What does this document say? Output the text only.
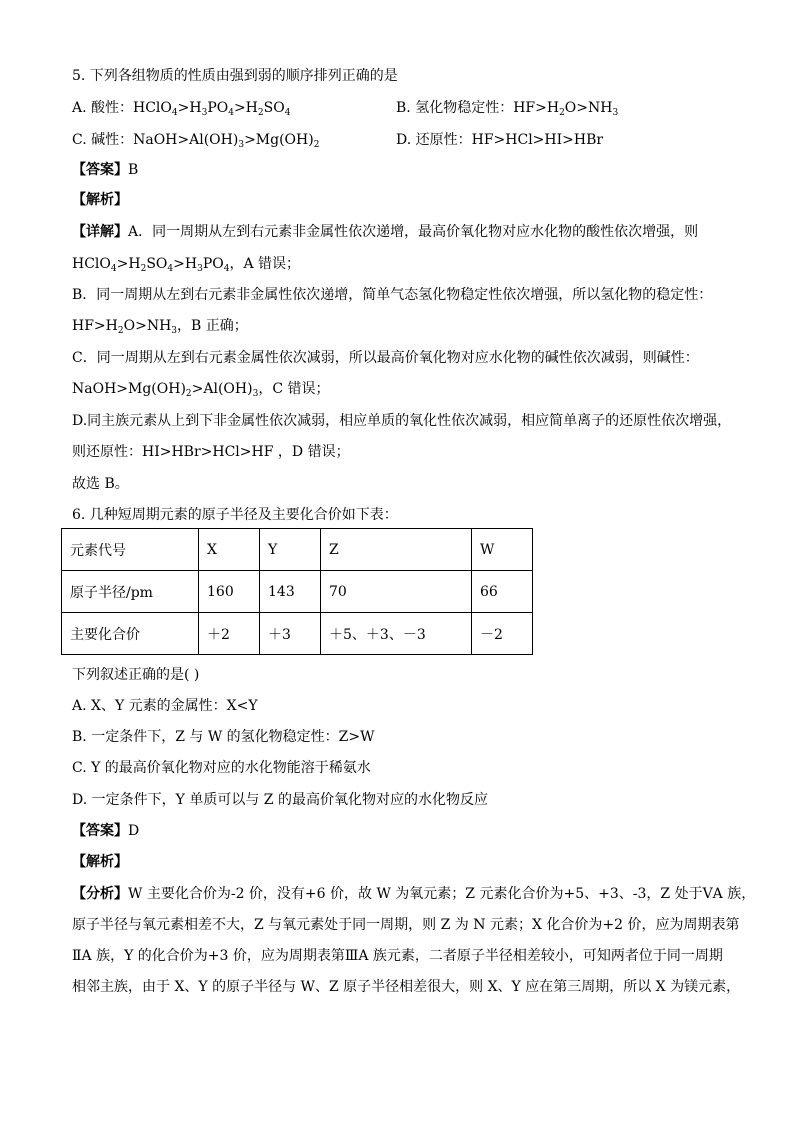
5. 下列各组物质的性质由强到弱的顺序排列正确的是
A. 酸性：$HClO_4>H_3PO_4>H_2SO_4$	B. 氢化物稳定性：$HF>H_2O>NH_3$
C. 碱性：$NaOH>Al(OH)_3>Mg(OH)_2$	D. 还原性：HF>HCl>HI>HBr
【答案】B
【解析】
【详解】A．同一周期从左到右元素非金属性依次递增，最高价氧化物对应水化物的酸性依次增强，则
$HClO_4>H_2SO_4>H_3PO_4$，A 错误；
B．同一周期从左到右元素非金属性依次递增，简单气态氢化物稳定性依次增强，所以氢化物的稳定性：
$HF>H_2O>NH_3$，B 正确；
C．同一周期从左到右元素金属性依次减弱，所以最高价氧化物对应水化物的碱性依次减弱，则碱性：
$NaOH>Mg(OH)_2>Al(OH)_3$，C 错误；
D.同主族元素从上到下非金属性依次减弱，相应单质的氧化性依次减弱，相应简单离子的还原性依次增强，
则还原性：HI>HBr>HCl>HF ，D 错误；
故选 B。
6. 几种短周期元素的原子半径及主要化合价如下表：
元素代号	X	Y	Z	W
原子半径/pm	160	143	70	66
主要化合价	＋2	＋3	＋5、＋3、－3	－2
下列叙述正确的是( )
A. X、Y 元素的金属性：X<Y
B. 一定条件下，Z 与 W 的氢化物稳定性：Z>W
C. Y 的最高价氧化物对应的水化物能溶于稀氨水
D. 一定条件下，Y 单质可以与 Z 的最高价氧化物对应的水化物反应
【答案】D
【解析】
【分析】W 主要化合价为-2 价，没有+6 价，故 W 为氧元素；Z 元素化合价为+5、+3、-3，Z 处于ⅤA 族，
原子半径与氧元素相差不大，Z 与氧元素处于同一周期，则 Z 为 N 元素；X 化合价为+2 价，应为周期表第
ⅡA 族，Y 的化合价为+3 价，应为周期表第ⅢA 族元素，二者原子半径相差较小，可知两者位于同一周期
相邻主族，由于 X、Y 的原子半径与 W、Z 原子半径相差很大，则 X、Y 应在第三周期，所以 X 为镁元素，
